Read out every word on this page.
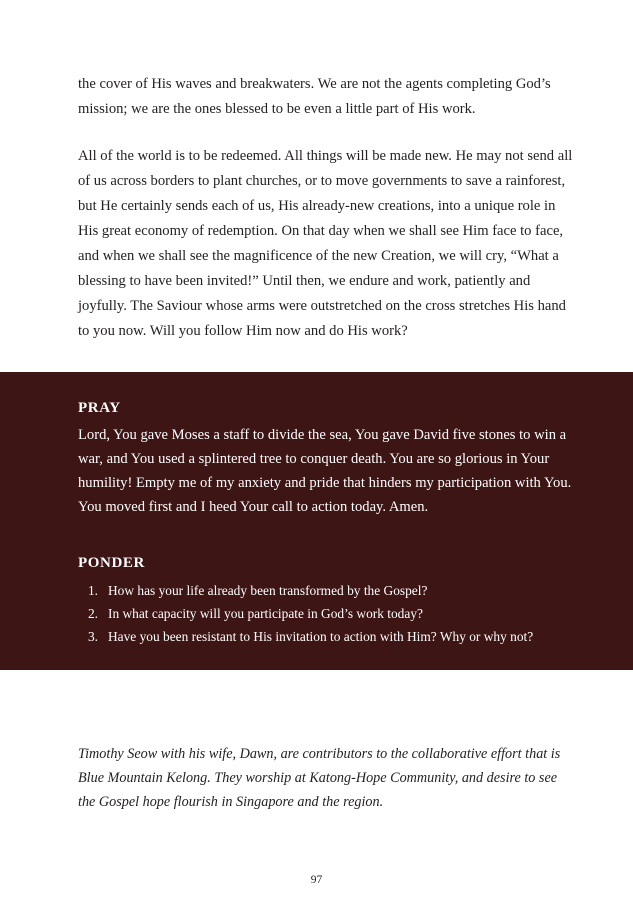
the cover of His waves and breakwaters. We are not the agents completing God’s mission; we are the ones blessed to be even a little part of His work.

All of the world is to be redeemed. All things will be made new. He may not send all of us across borders to plant churches, or to move governments to save a rainforest, but He certainly sends each of us, His already-new creations, into a unique role in His great economy of redemption. On that day when we shall see Him face to face, and when we shall see the magnificence of the new Creation, we will cry, “What a blessing to have been invited!” Until then, we endure and work, patiently and joyfully. The Saviour whose arms were outstretched on the cross stretches His hand to you now. Will you follow Him now and do His work?

PRAY

Lord, You gave Moses a staff to divide the sea, You gave David five stones to win a war, and You used a splintered tree to conquer death. You are so glorious in Your humility! Empty me of my anxiety and pride that hinders my participation with You. You moved first and I heed Your call to action today. Amen.

PONDER
1. How has your life already been transformed by the Gospel?
2. In what capacity will you participate in God’s work today?
3. Have you been resistant to His invitation to action with Him? Why or why not?
Timothy Seow with his wife, Dawn, are contributors to the collaborative effort that is Blue Mountain Kelong. They worship at Katong-Hope Community, and desire to see the Gospel hope flourish in Singapore and the region.
97
